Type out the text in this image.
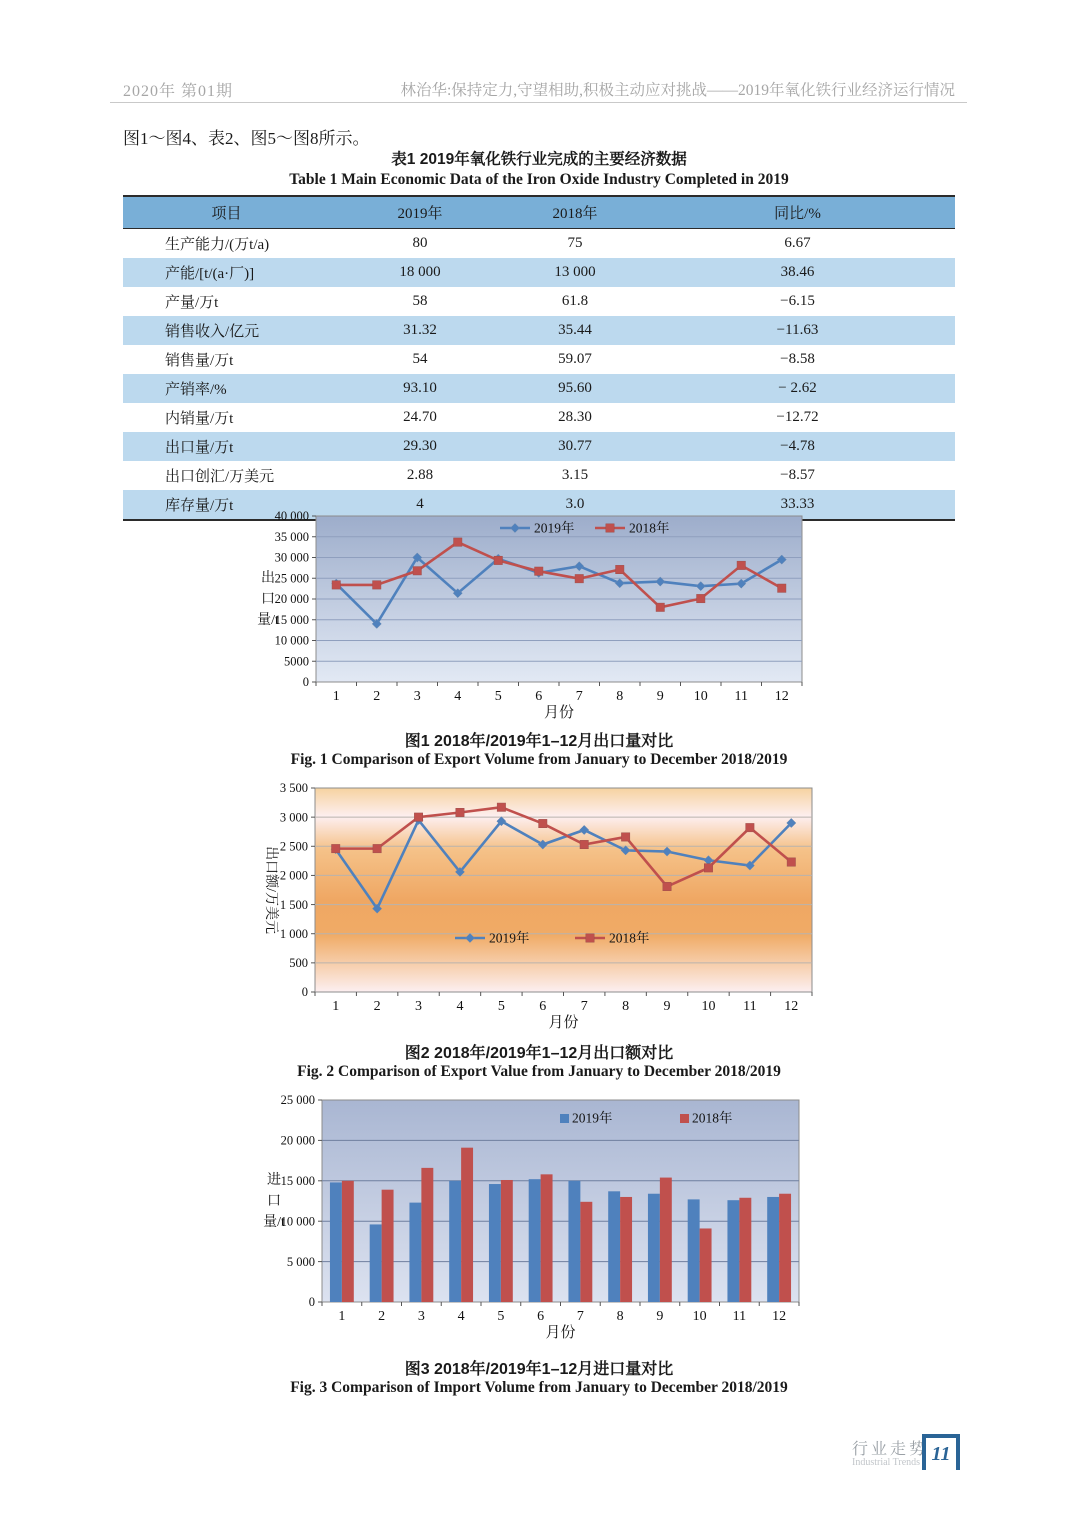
2020年 第01期	林治华:保持定力,守望相助,积极主动应对挑战——2019年氧化铁行业经济运行情况
图1～图4、表2、图5～图8所示。
表1 2019年氧化铁行业完成的主要经济数据
Table 1 Main Economic Data of the Iron Oxide Industry Completed in 2019
项目	2019年	2018年	同比/%
生产能力/(万t/a)	80	75	6.67
产能/[t/(a·厂)]	18 000	13 000	38.46
产量/万t	58	61.8	−6.15
销售收入/亿元	31.32	35.44	−11.63
销售量/万t	54	59.07	−8.58
产销率/%	93.10	95.60	− 2.62
内销量/万t	24.70	28.30	−12.72
出口量/万t	29.30	30.77	−4.78
出口创汇/万美元	2.88	3.15	−8.57
库存量/万t	4	3.0	33.33
0
5000
10 000
15 000
20 000
25 000
30 000
35 000
40 000
1 2 3 4 5 6 7 8 9 10 11 12
月份
出口量/t
2019年	2018年
图1 2018年/2019年1–12月出口量对比
Fig. 1 Comparison of Export Volume from January to December 2018/2019
0
500
1 000
1 500
2 000
2 500
3 000
3 500
1 2 3 4 5 6 7 8 9 10 11 12
月份
出口额/万美元
2019年	2018年
图2 2018年/2019年1–12月出口额对比
Fig. 2 Comparison of Export Value from January to December 2018/2019
0
5 000
10 000
15 000
20 000
25 000
1 2 3 4 5 6 7 8 9 10 11 12
月份
进口量/t
2019年	2018年
图3 2018年/2019年1–12月进口量对比
Fig. 3 Comparison of Import Volume from January to December 2018/2019
行业走势
Industrial Trends 11
